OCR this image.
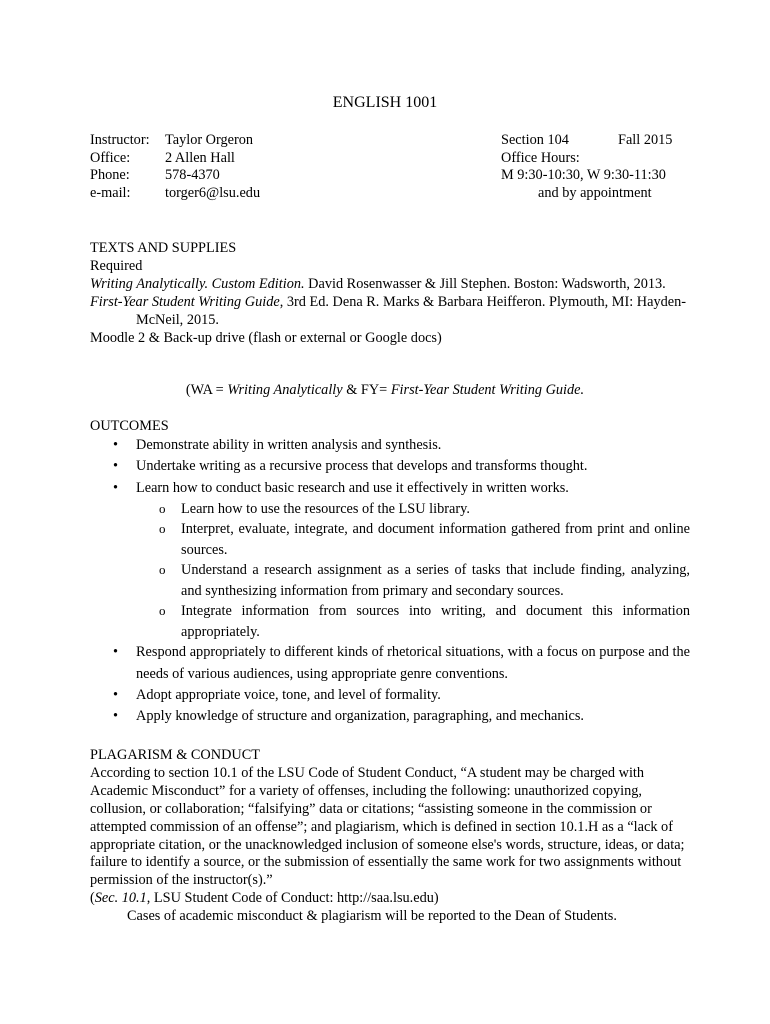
ENGLISH 1001
Instructor:	Taylor Orgeron
Office:	2 Allen Hall
Phone:	578-4370
e-mail:	torger6@lsu.edu
Section 104	Fall 2015
Office Hours:
M 9:30-10:30, W 9:30-11:30
and by appointment
TEXTS AND SUPPLIES
Required
Writing Analytically. Custom Edition. David Rosenwasser & Jill Stephen. Boston: Wadsworth, 2013.
First-Year Student Writing Guide, 3rd Ed. Dena R. Marks & Barbara Heifferon. Plymouth, MI: Hayden-McNeil, 2015.
Moodle 2 & Back-up drive (flash or external or Google docs)
(WA = Writing Analytically & FY= First-Year Student Writing Guide.
OUTCOMES
• Demonstrate ability in written analysis and synthesis.
• Undertake writing as a recursive process that develops and transforms thought.
• Learn how to conduct basic research and use it effectively in written works.
o Learn how to use the resources of the LSU library.
o Interpret, evaluate, integrate, and document information gathered from print and online sources.
o Understand a research assignment as a series of tasks that include finding, analyzing, and synthesizing information from primary and secondary sources.
o Integrate information from sources into writing, and document this information appropriately.
• Respond appropriately to different kinds of rhetorical situations, with a focus on purpose and the needs of various audiences, using appropriate genre conventions.
• Adopt appropriate voice, tone, and level of formality.
• Apply knowledge of structure and organization, paragraphing, and mechanics.
PLAGARISM & CONDUCT
According to section 10.1 of the LSU Code of Student Conduct, “A student may be charged with Academic Misconduct” for a variety of offenses, including the following: unauthorized copying, collusion, or collaboration; “falsifying” data or citations; “assisting someone in the commission or attempted commission of an offense”; and plagiarism, which is defined in section 10.1.H as a “lack of appropriate citation, or the unacknowledged inclusion of someone else's words, structure, ideas, or data; failure to identify a source, or the submission of essentially the same work for two assignments without permission of the instructor(s).”
(Sec. 10.1, LSU Student Code of Conduct: http://saa.lsu.edu)
Cases of academic misconduct & plagiarism will be reported to the Dean of Students.
